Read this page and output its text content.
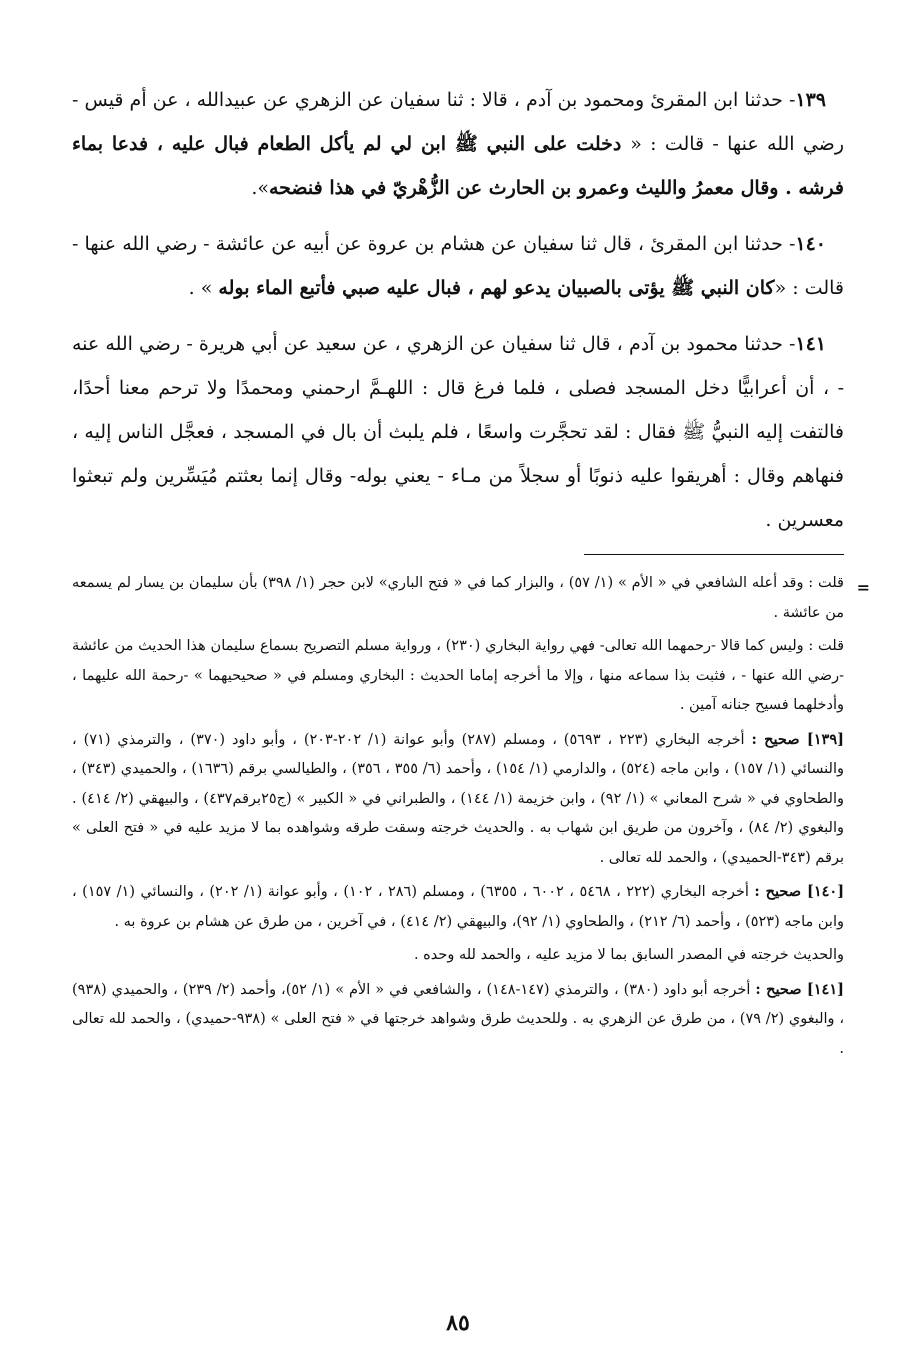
١٣٩- حدثنا ابن المقرئ ومحمود بن آدم ، قالا : ثنا سفيان عن الزهري عن عبيدالله ، عن أم قيس - رضي الله عنها - قالت : « دخلت على النبي ﷺ ابن لي لم يأكل الطعام فبال عليه ، فدعا بماء فرشه . وقال معمرُ والليث وعمرو بن الحارث عن الزُّهْريّ في هذا فنضحه».

١٤٠- حدثنا ابن المقرئ ، قال ثنا سفيان عن هشام بن عروة عن أبيه عن عائشة - رضي الله عنها - قالت : «كان النبي ﷺ يؤتى بالصبيان يدعو لهم ، فبال عليه صبي فأتبع الماء بوله » .

١٤١- حدثنا محمود بن آدم ، قال ثنا سفيان عن الزهري ، عن سعيد عن أبي هريرة - رضي الله عنه - ، أن أعرابيًّا دخل المسجد فصلى ، فلما فرغ قال : اللهـمَّ ارحمني ومحمدًا ولا ترحم معنا أحدًا، فالتفت إليه النبيُّ ﷺ فقال : لقد تحجَّرت واسعًا ، فلم يلبث أن بال في المسجد ، فعجَّل الناس إليه ، فنهاهم وقال : أهريقوا عليه ذنوبًا أو سجلاً من مـاء - يعني بوله- وقال إنما بعثتم مُيَسِّرين ولم تبعثوا معسرين .

=

قلت : وقد أعله الشافعي في « الأم » (١/ ٥٧) ، والبزار كما في « فتح الباري» لابن حجر (١/ ٣٩٨) بأن سليمان بن يسار لم يسمعه من عائشة .

قلت : وليس كما قالا -رحمهما الله تعالى- فهي رواية البخاري (٢٣٠) ، ورواية مسلم التصريح بسماع سليمان هذا الحديث من عائشة -رضي الله عنها - ، فثبت بذا سماعه منها ، وإلا ما أخرجه إماما الحديث : البخاري ومسلم في « صحيحيهما » -رحمة الله عليهما ، وأدخلهما فسيح جنانه آمين .

[١٣٩] صحيح : أخرجه البخاري (٢٢٣ ، ٥٦٩٣) ، ومسلم (٢٨٧) وأبو عوانة (١/ ٢٠٢-٢٠٣) ، وأبو داود (٣٧٠) ، والترمذي (٧١) ، والنسائي (١/ ١٥٧) ، وابن ماجه (٥٢٤) ، والدارمي (١/ ١٥٤) ، وأحمد (٦/ ٣٥٥ ، ٣٥٦) ، والطيالسي برقم (١٦٣٦) ، والحميدي (٣٤٣) ، والطحاوي في « شرح المعاني » (١/ ٩٢) ، وابن خزيمة (١/ ١٤٤) ، والطبراني في « الكبير » (ج٢٥برقم٤٣٧) ، والبيهقي (٢/ ٤١٤) . والبغوي (٢/ ٨٤) ، وآخرون من طريق ابن شهاب به . والحديث خرجته وسقت طرقه وشواهده بما لا مزيد عليه في « فتح العلى » برقم (٣٤٣-الحميدي) ، والحمد لله تعالى .

[١٤٠] صحيح : أخرجه البخاري (٢٢٢ ، ٥٤٦٨ ، ٦٠٠٢ ، ٦٣٥٥) ، ومسلم (٢٨٦ ، ١٠٢) ، وأبو عوانة (١/ ٢٠٢) ، والنسائي (١/ ١٥٧) ، وابن ماجه (٥٢٣) ، وأحمد (٦/ ٢١٢) ، والطحاوي (١/ ٩٢)، والبيهقي (٢/ ٤١٤) ، في آخرين ، من طرق عن هشام بن عروة به .

والحديث خرجته في المصدر السابق بما لا مزيد عليه ، والحمد لله وحده .

[١٤١] صحيح : أخرجه أبو داود (٣٨٠) ، والترمذي (١٤٧-١٤٨) ، والشافعي في « الأم » (١/ ٥٢)، وأحمد (٢/ ٢٣٩) ، والحميدي (٩٣٨) ، والبغوي (٢/ ٧٩) ، من طرق عن الزهري به . وللحديث طرق وشواهد خرجتها في « فتح العلى » (٩٣٨-حميدي) ، والحمد لله تعالى .

٨٥
